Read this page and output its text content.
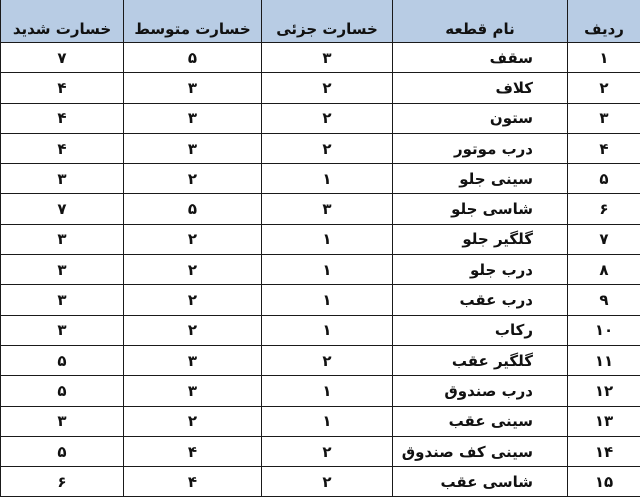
ردیف	نام قطعه	خسارت جزئی	خسارت متوسط	خسارت شدید
۱	سقف	۳	۵	۷
۲	کلاف	۲	۳	۴
۳	ستون	۲	۳	۴
۴	درب موتور	۲	۳	۴
۵	سینی جلو	۱	۲	۳
۶	شاسی جلو	۳	۵	۷
۷	گلگیر جلو	۱	۲	۳
۸	درب جلو	۱	۲	۳
۹	درب عقب	۱	۲	۳
۱۰	رکاب	۱	۲	۳
۱۱	گلگیر عقب	۲	۳	۵
۱۲	درب صندوق	۱	۳	۵
۱۳	سینی عقب	۱	۲	۳
۱۴	سینی کف صندوق	۲	۴	۵
۱۵	شاسی عقب	۲	۴	۶
